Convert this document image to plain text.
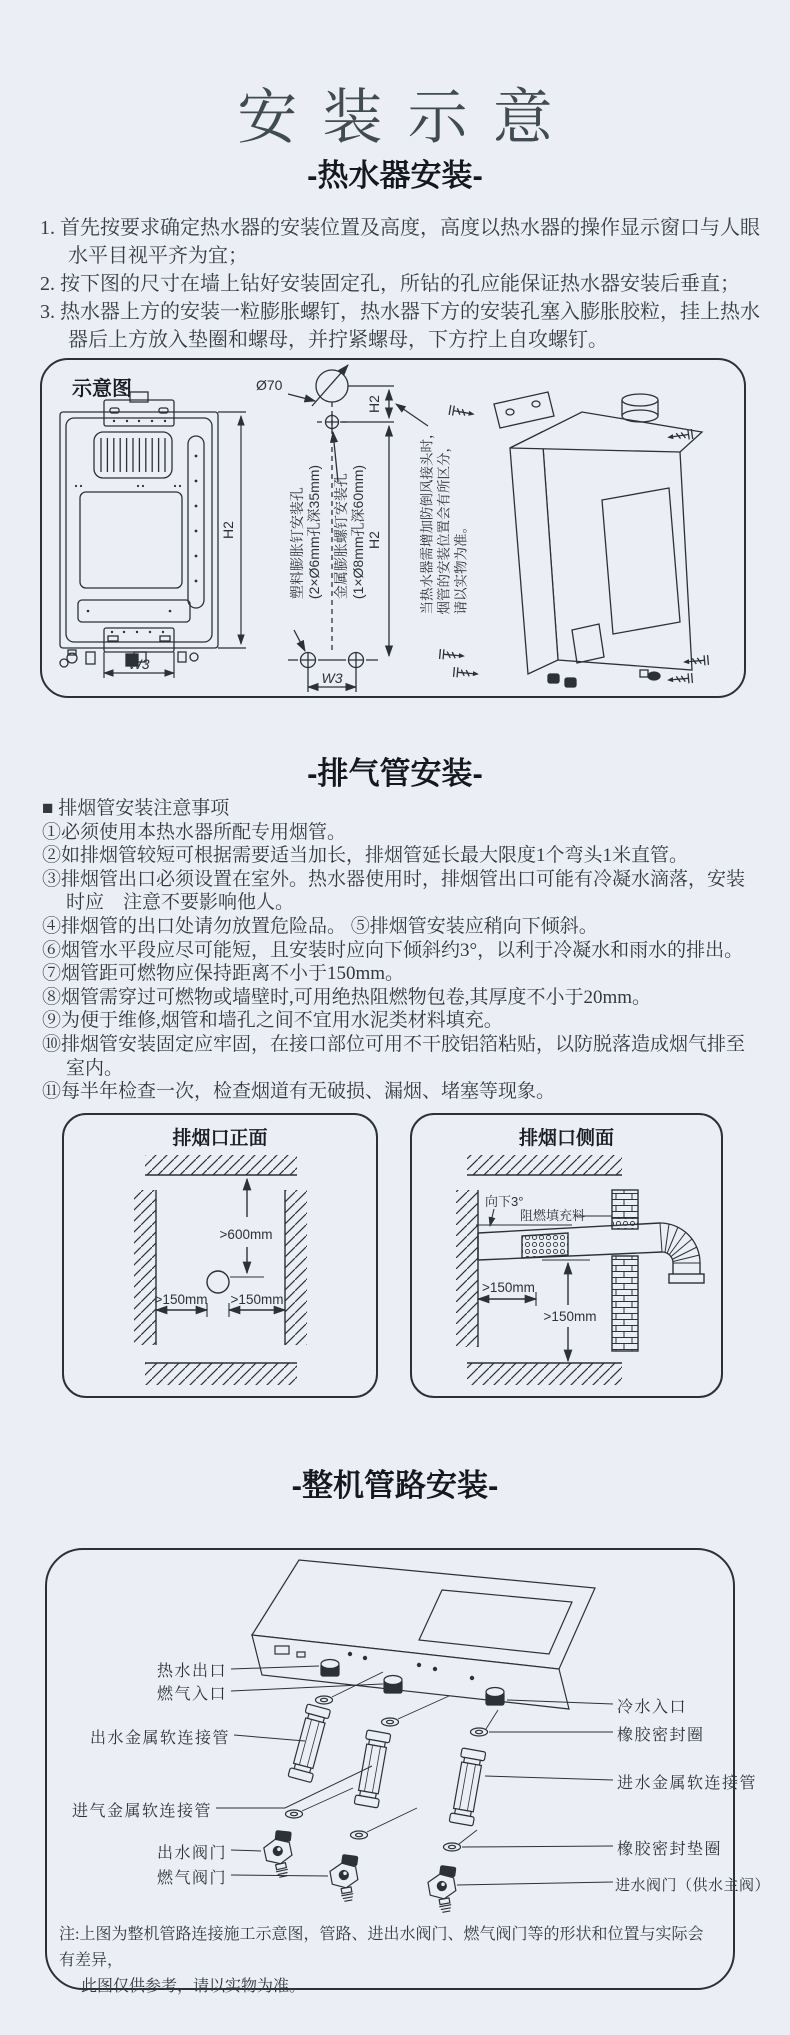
安装示意
-热水器安装-

1. 首先按要求确定热水器的安装位置及高度，高度以热水器的操作显示窗口与人眼水平目视平齐为宜；

2. 按下图的尺寸在墙上钻好安装固定孔，所钻的孔应能保证热水器安装后垂直；

3. 热水器上方的安装一粒膨胀螺钉，热水器下方的安装孔塞入膨胀胶粒，挂上热水器后上方放入垫圈和螺母，并拧紧螺母，下方拧上自攻螺钉。

示意图
H2
W3
Ø70
H2
H2
W3
塑料膨胀钉安装孔 (2×Ø6mm孔深35mm) 金属膨胀螺钉安装孔 (1×Ø8mm孔深60mm)	当热水器需增加防倒风接头时， 烟管的安装位置会有所区分， 请以实物为准。
-排气管安装-

■ 排烟管安装注意事项

①必须使用本热水器所配专用烟管。

②如排烟管较短可根据需要适当加长，排烟管延长最大限度1个弯头1米直管。

③排烟管出口必须设置在室外。热水器使用时，排烟管出口可能有冷凝水滴落，安装时应　注意不要影响他人。

④排烟管的出口处请勿放置危险品。 ⑤排烟管安装应稍向下倾斜。

⑥烟管水平段应尽可能短，且安装时应向下倾斜约3°，以利于冷凝水和雨水的排出。

⑦烟管距可燃物应保持距离不小于150mm。

⑧烟管需穿过可燃物或墙壁时,可用绝热阻燃物包卷,其厚度不小于20mm。

⑨为便于维修,烟管和墙孔之间不宜用水泥类材料填充。

⑩排烟管安装固定应牢固，在接口部位可用不干胶铝箔粘贴，以防脱落造成烟气排至室内。

⑪每半年检查一次，检查烟道有无破损、漏烟、堵塞等现象。

排烟口正面
>600mm
>150mm >150mm
排烟口侧面
向下3°
阻燃填充料
>150mm
>150mm
-整机管路安装-
热水出口
燃气入口
出水金属软连接管
进气金属软连接管
出水阀门
燃气阀门
冷水入口
橡胶密封圈
进水金属软连接管
橡胶密封垫圈
进水阀门（供水主阀）
注:上图为整机管路连接施工示意图，管路、进出水阀门、燃气阀门等的形状和位置与实际会有差异，
此图仅供参考，请以实物为准。
